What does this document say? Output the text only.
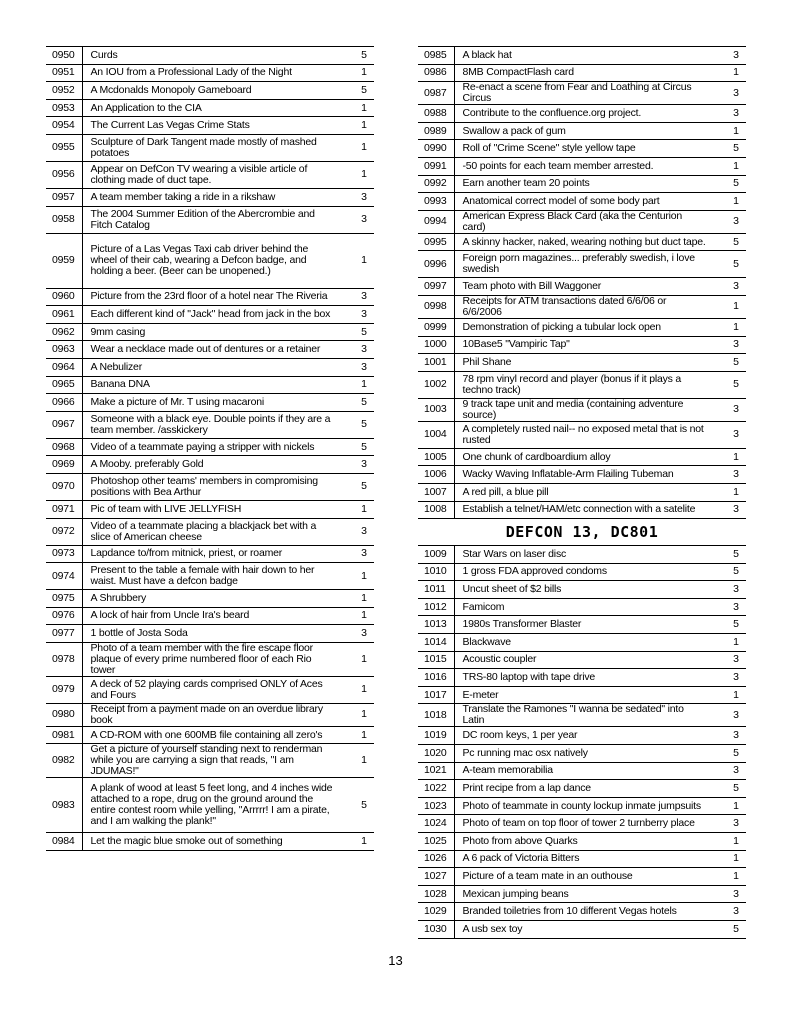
0950	Curds	5
0951	An IOU from a Professional Lady of the Night	1
0952	A Mcdonalds Monopoly Gameboard	5
0953	An Application to the CIA	1
0954	The Current Las Vegas Crime Stats	1
0955	Sculpture of Dark Tangent made mostly of mashed potatoes	1
0956	Appear on DefCon TV wearing a visible article of clothing made of duct tape.	1
0957	A team member taking a ride in a rikshaw	3
0958	The 2004 Summer Edition of the Abercrombie and Fitch Catalog	3
0959	Picture of a Las Vegas Taxi cab driver behind the wheel of their cab, wearing a Defcon badge, and holding a beer. (Beer can be unopened.)	1
0960	Picture from the 23rd floor of a hotel near The Riveria	3
0961	Each different kind of "Jack" head from jack in the box	3
0962	9mm casing	5
0963	Wear a necklace made out of dentures or a retainer	3
0964	A Nebulizer	3
0965	Banana DNA	1
0966	Make a picture of Mr. T using macaroni	5
0967	Someone with a black eye. Double points if they are a team member. /asskickery	5
0968	Video of a teammate paying a stripper with nickels	5
0969	A Mooby. preferably Gold	3
0970	Photoshop other teams' members in compromising positions with Bea Arthur	5
0971	Pic of team with LIVE JELLYFISH	1
0972	Video of a teammate placing a blackjack bet with a slice of American cheese	3
0973	Lapdance to/from mitnick, priest, or roamer	3
0974	Present to the table a female with hair down to her waist. Must have a defcon badge	1
0975	A Shrubbery	1
0976	A lock of hair from Uncle Ira's beard	1
0977	1 bottle of Josta Soda	3
0978	Photo of a team member with the fire escape floor plaque of every prime numbered floor of each Rio tower	1
0979	A deck of 52 playing cards comprised ONLY of Aces and Fours	1
0980	Receipt from a payment made on an overdue library book	1
0981	A CD-ROM with one 600MB file containing all zero's	1
0982	Get a picture of yourself standing next to renderman while you are carrying a sign that reads, "I am JDUMAS!"	1
0983	A plank of wood at least 5 feet long, and 4 inches wide attached to a rope, drug on the ground around the entire contest room while yelling, "Arrrrr! I am a pirate, and I am walking the plank!"	5
0984	Let the magic blue smoke out of something	1
0985	A black hat	3
0986	8MB CompactFlash card	1
0987	Re-enact a scene from Fear and Loathing at Circus Circus	3
0988	Contribute to the confluence.org project.	3
0989	Swallow a pack of gum	1
0990	Roll of "Crime Scene" style yellow tape	5
0991	-50 points for each team member arrested.	1
0992	Earn another team 20 points	5
0993	Anatomical correct model of some body part	1
0994	American Express Black Card (aka the Centurion card)	3
0995	A skinny hacker, naked, wearing nothing but duct tape.	5
0996	Foreign porn magazines... preferably swedish, i love swedish	5
0997	Team photo with Bill Waggoner	3
0998	Receipts for ATM transactions dated 6/6/06 or 6/6/2006	1
0999	Demonstration of picking a tubular lock open	1
1000	10Base5 "Vampiric Tap"	3
1001	Phil Shane	5
1002	78 rpm vinyl record and player (bonus if it plays a techno track)	5
1003	9 track tape unit and media (containing adventure source)	3
1004	A completely rusted nail-- no exposed metal that is not rusted	3
1005	One chunk of cardboardium alloy	1
1006	Wacky Waving Inflatable-Arm Flailing Tubeman	3
1007	A red pill, a blue pill	1
1008	Establish a telnet/HAM/etc connection with a satelite	3
DEFCON 13, DC801
1009	Star Wars on laser disc	5
1010	1 gross FDA approved condoms	5
1011	Uncut sheet of $2 bills	3
1012	Famicom	3
1013	1980s Transformer Blaster	5
1014	Blackwave	1
1015	Acoustic coupler	3
1016	TRS-80 laptop with tape drive	3
1017	E-meter	1
1018	Translate the Ramones "I wanna be sedated" into Latin	3
1019	DC room keys, 1 per year	3
1020	Pc running mac osx natively	5
1021	A-team memorabilia	3
1022	Print recipe from a lap dance	5
1023	Photo of teammate in county lockup inmate jumpsuits	1
1024	Photo of team on top floor of tower 2 turnberry place	3
1025	Photo from above Quarks	1
1026	A 6 pack of Victoria Bitters	1
1027	Picture of a team mate in an outhouse	1
1028	Mexican jumping beans	3
1029	Branded toiletries from 10 different Vegas hotels	3
1030	A usb sex toy	5
13
